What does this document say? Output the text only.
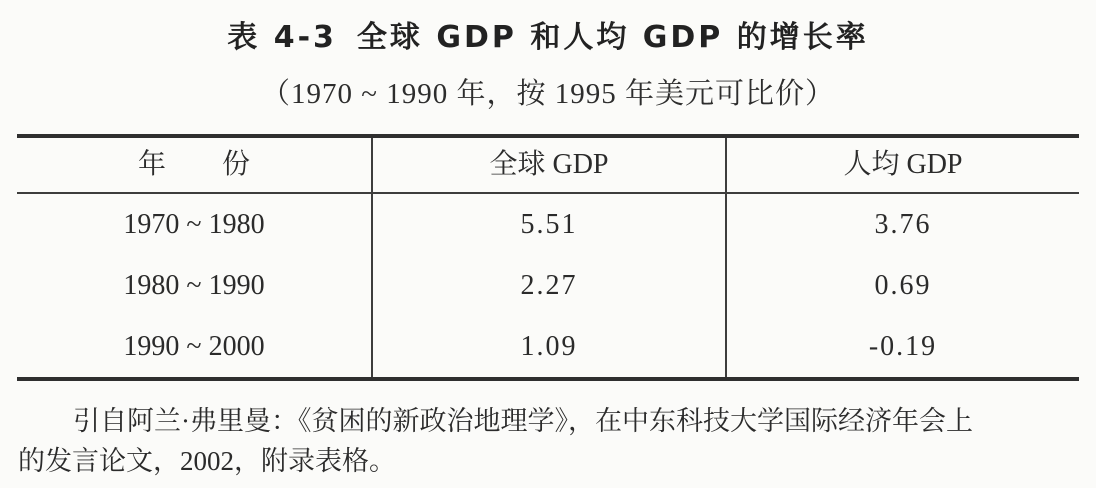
表 4-3 全球 GDP 和人均 GDP 的增长率
（1970 ~ 1990 年，按 1995 年美元可比价）
年　　份	全球 GDP	人均 GDP
1970 ~ 1980	5.51	3.76
1980 ~ 1990	2.27	0.69
1990 ~ 2000	1.09	-0.19
引自阿兰·弗里曼：《贫困的新政治地理学》，在中东科技大学国际经济年会上
的发言论文，2002，附录表格。
